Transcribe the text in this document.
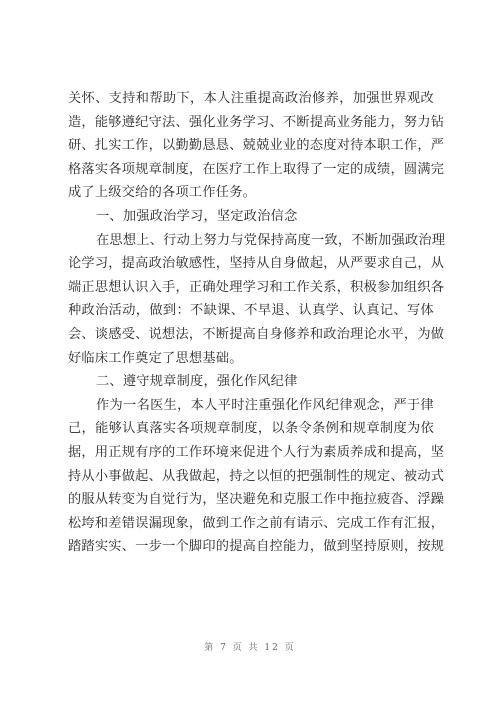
关怀、支持和帮助下，本人注重提高政治修养，加强世界观改
造，能够遵纪守法、强化业务学习、不断提高业务能力，努力钻
研、扎实工作，以勤勤恳恳、兢兢业业的态度对待本职工作，严
格落实各项规章制度，在医疗工作上取得了一定的成绩，圆满完
成了上级交给的各项工作任务。
一、加强政治学习，坚定政治信念
在思想上、行动上努力与党保持高度一致，不断加强政治理
论学习，提高政治敏感性，坚持从自身做起，从严要求自己，从
端正思想认识入手，正确处理学习和工作关系，积极参加组织各
种政治活动，做到：不缺课、不早退、认真学、认真记、写体
会、谈感受、说想法，不断提高自身修养和政治理论水平，为做
好临床工作奠定了思想基础。
二、遵守规章制度，强化作风纪律
作为一名医生，本人平时注重强化作风纪律观念，严于律
己，能够认真落实各项规章制度，以条令条例和规章制度为依
据，用正规有序的工作环境来促进个人行为素质养成和提高，坚
持从小事做起、从我做起，持之以恒的把强制性的规定、被动式
的服从转变为自觉行为，坚决避免和克服工作中拖拉疲沓、浮躁
松垮和差错误漏现象，做到工作之前有请示、完成工作有汇报，
踏踏实实、一步一个脚印的提高自控能力，做到坚持原则，按规
第 7 页 共 12 页
